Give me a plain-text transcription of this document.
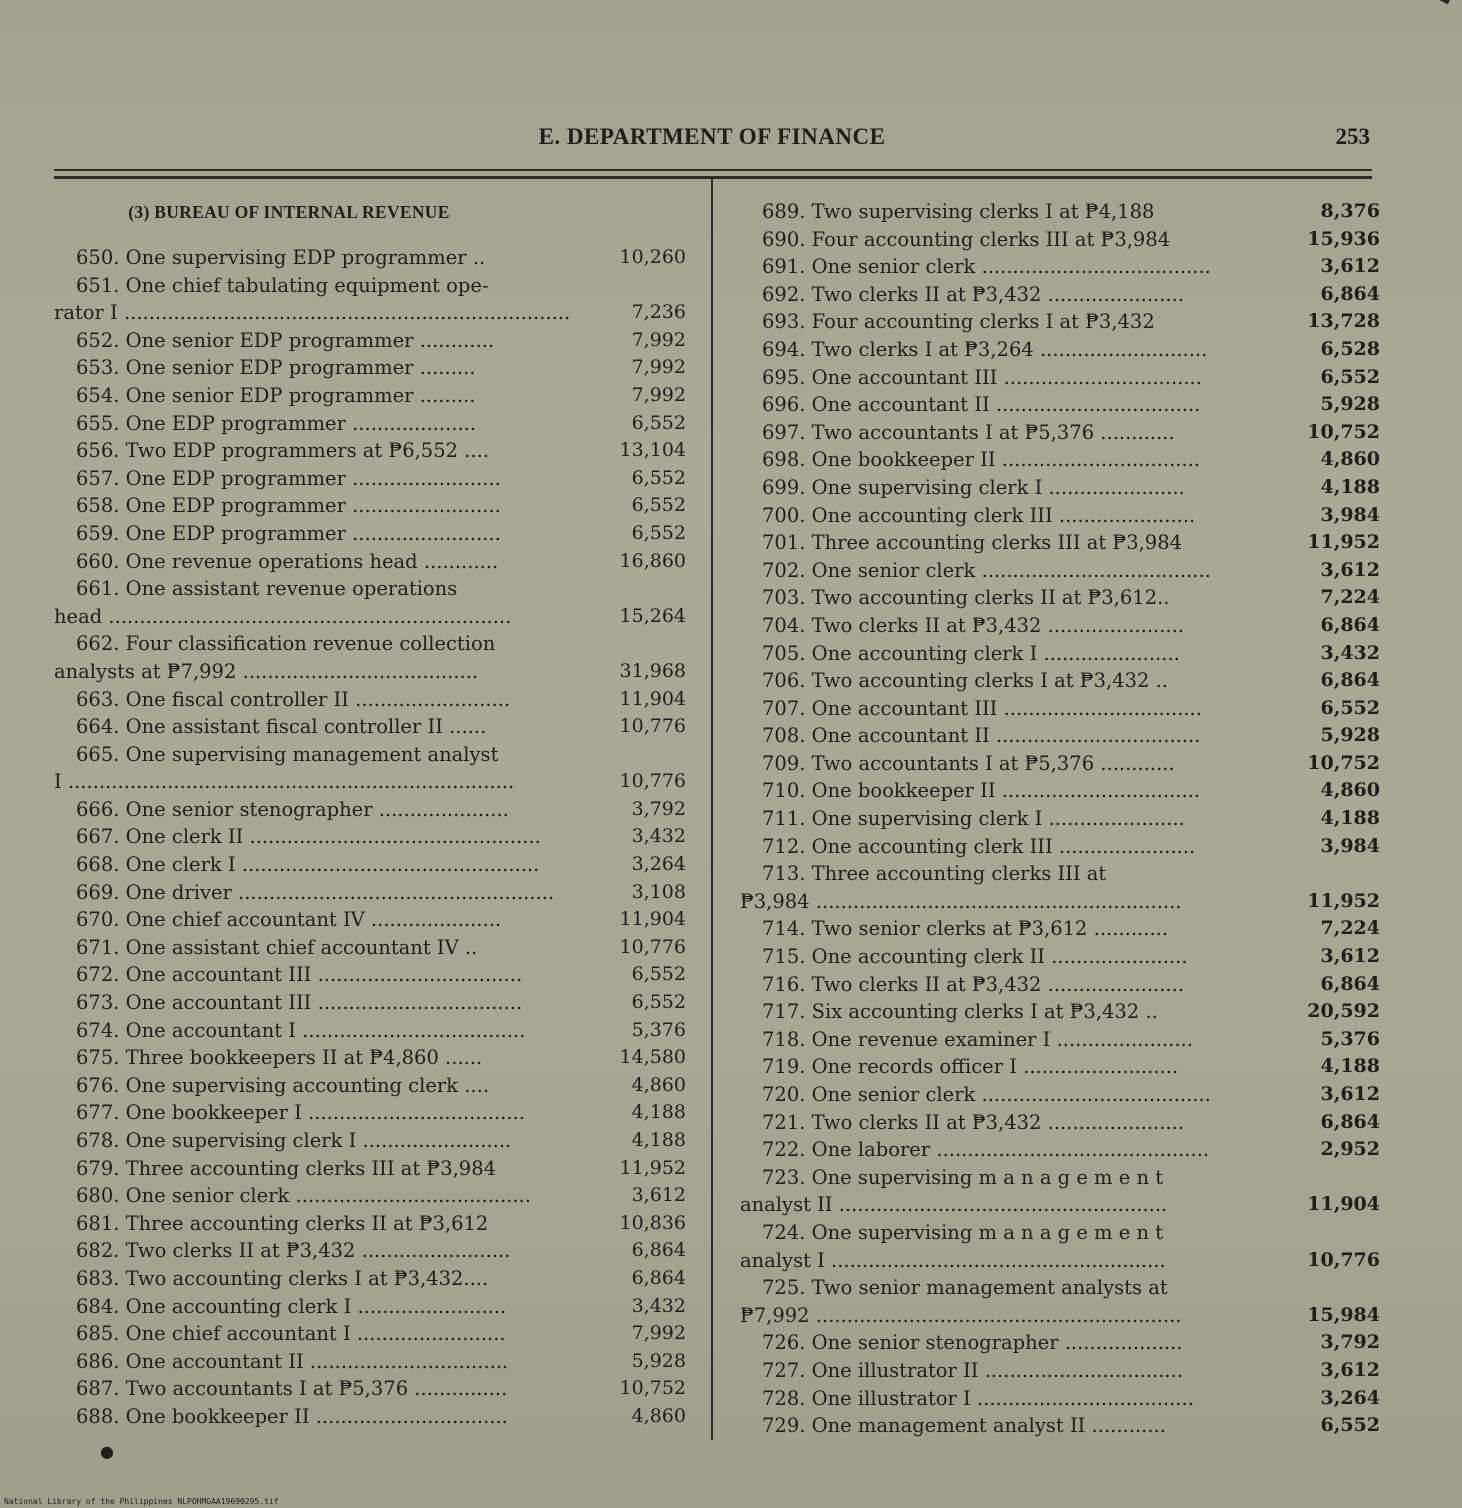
E. DEPARTMENT OF FINANCE	253
(3) BUREAU OF INTERNAL REVENUE
650. One supervising EDP programmer ..	10,260
651. One chief tabulating equipment ope-
rator I ........................................................................	7,236
652. One senior EDP programmer ............	7,992
653. One senior EDP programmer .........	7,992
654. One senior EDP programmer .........	7,992
655. One EDP programmer ....................	6,552
656. Two EDP programmers at ₱6,552 ....	13,104
657. One EDP programmer ........................	6,552
658. One EDP programmer ........................	6,552
659. One EDP programmer ........................	6,552
660. One revenue operations head ............	16,860
661. One assistant revenue operations
head .................................................................	15,264
662. Four classification revenue collection
analysts at ₱7,992 ......................................	31,968
663. One fiscal controller II .........................	11,904
664. One assistant fiscal controller II ......	10,776
665. One supervising management analyst
I ........................................................................	10,776
666. One senior stenographer .....................	3,792
667. One clerk II ...............................................	3,432
668. One clerk I ................................................	3,264
669. One driver ...................................................	3,108
670. One chief accountant IV .....................	11,904
671. One assistant chief accountant IV ..	10,776
672. One accountant III .................................	6,552
673. One accountant III .................................	6,552
674. One accountant I ....................................	5,376
675. Three bookkeepers II at ₱4,860 ......	14,580
676. One supervising accounting clerk ....	4,860
677. One bookkeeper I ...................................	4,188
678. One supervising clerk I ........................	4,188
679. Three accounting clerks III at ₱3,984	11,952
680. One senior clerk ......................................	3,612
681. Three accounting clerks II at ₱3,612	10,836
682. Two clerks II at ₱3,432 ........................	6,864
683. Two accounting clerks I at ₱3,432....	6,864
684. One accounting clerk I ........................	3,432
685. One chief accountant I ........................	7,992
686. One accountant II ................................	5,928
687. Two accountants I at ₱5,376 ...............	10,752
688. One bookkeeper II ...............................	4,860
689. Two supervising clerks I at ₱4,188	8,376
690. Four accounting clerks III at ₱3,984	15,936
691. One senior clerk .....................................	3,612
692. Two clerks II at ₱3,432 ......................	6,864
693. Four accounting clerks I at ₱3,432	13,728
694. Two clerks I at ₱3,264 ...........................	6,528
695. One accountant III ................................	6,552
696. One accountant II .................................	5,928
697. Two accountants I at ₱5,376 ............	10,752
698. One bookkeeper II ................................	4,860
699. One supervising clerk I ......................	4,188
700. One accounting clerk III ......................	3,984
701. Three accounting clerks III at ₱3,984	11,952
702. One senior clerk .....................................	3,612
703. Two accounting clerks II at ₱3,612..	7,224
704. Two clerks II at ₱3,432 ......................	6,864
705. One accounting clerk I ......................	3,432
706. Two accounting clerks I at ₱3,432 ..	6,864
707. One accountant III ................................	6,552
708. One accountant II .................................	5,928
709. Two accountants I at ₱5,376 ............	10,752
710. One bookkeeper II ................................	4,860
711. One supervising clerk I ......................	4,188
712. One accounting clerk III ......................	3,984
713. Three accounting clerks III at
₱3,984 ...........................................................	11,952
714. Two senior clerks at ₱3,612 ............	7,224
715. One accounting clerk II ......................	3,612
716. Two clerks II at ₱3,432 ......................	6,864
717. Six accounting clerks I at ₱3,432 ..	20,592
718. One revenue examiner I ......................	5,376
719. One records officer I .........................	4,188
720. One senior clerk .....................................	3,612
721. Two clerks II at ₱3,432 ......................	6,864
722. One laborer ............................................	2,952
723. One supervising m a n a g e m e n t
analyst II .....................................................	11,904
724. One supervising m a n a g e m e n t
analyst I ......................................................	10,776
725. Two senior management analysts at
₱7,992 ...........................................................	15,984
726. One senior stenographer ...................	3,792
727. One illustrator II ................................	3,612
728. One illustrator I ...................................	3,264
729. One management analyst II ............	6,552
●
National Library of the Philippines NLPOHMGAA19690295.tif
